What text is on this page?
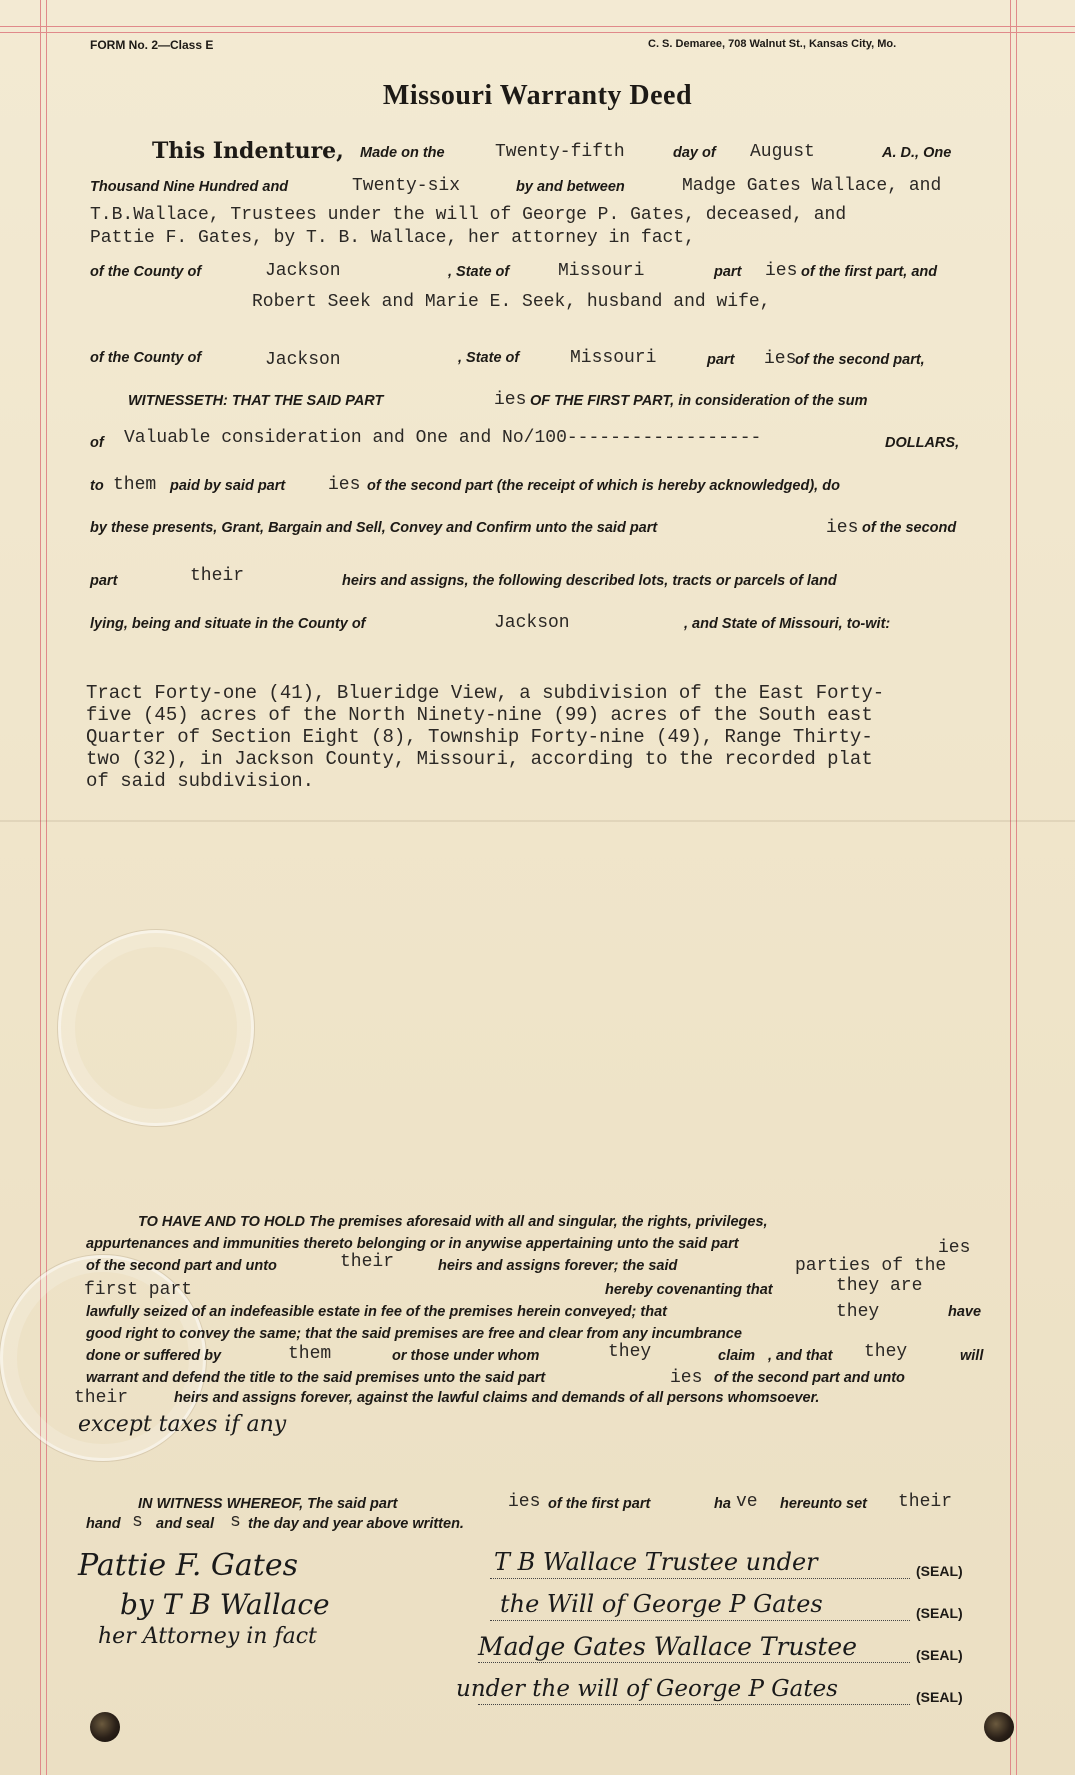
FORM No. 2—Class E	C. S. Demaree, 708 Walnut St., Kansas City, Mo.
Missouri Warranty Deed
This Indenture, Made on the	Twenty-fifth	day of August	A. D., One
Thousand Nine Hundred and	Twenty-six	by and between	Madge Gates Wallace, and
T.B.Wallace, Trustees under the will of George P. Gates, deceased, and
Pattie F. Gates, by T. B. Wallace, her attorney in fact,
of the County of	Jackson	, State of	Missouri	part ies of the first part, and
Robert Seek and Marie E. Seek, husband and wife,
of the County of	Jackson	, State of	Missouri	part ies
of the second part,
WITNESSETH: THAT THE SAID PART	ies OF THE FIRST PART, in consideration of the sum
of Valuable consideration and One and No/100------------------	DOLLARS,
to them paid by said part ies of the second part (the receipt of which is hereby acknowledged), do
by these presents, Grant, Bargain and Sell, Convey and Confirm unto the said part	ies of the second
part	their	heirs and assigns, the following described lots, tracts or parcels of land
lying, being and situate in the County of	Jackson	, and State of Missouri, to-wit:
Tract Forty-one (41), Blueridge View, a subdivision of the East Forty-
five (45) acres of the North Ninety-nine (99) acres of the South east
Quarter of Section Eight (8), Township Forty-nine (49), Range Thirty-
two (32), in Jackson County, Missouri, according to the recorded plat
of said subdivision.
TO HAVE AND TO HOLD The premises aforesaid with all and singular, the rights, privileges,
appurtenances and immunities thereto belonging or in anywise appertaining unto the said part	ies
of the second part and unto	their	heirs and assigns forever; the said	parties of the
first part	hereby covenanting that	they are
lawfully seized of an indefeasible estate in fee of the premises herein conveyed; that	they	have
good right to convey the same; that the said premises are free and clear from any incumbrance
done or suffered by	them	or those under whom	they	claim , and that they	will
warrant and defend the title to the said premises unto the said part	ies of the second part and unto
their	heirs and assigns forever, against the lawful claims and demands of all persons whomsoever.
except taxes if any
IN WITNESS WHEREOF, The said part	ies of the first part	ha ve hereunto set their
hand s and seal s the day and year above written.
Pattie F. Gates
by T B Wallace
her Attorney in fact
T B Wallace Trustee under
the Will of George P Gates
Madge Gates Wallace Trustee
under the will of George P Gates
(SEAL)
(SEAL)
(SEAL)
(SEAL)
